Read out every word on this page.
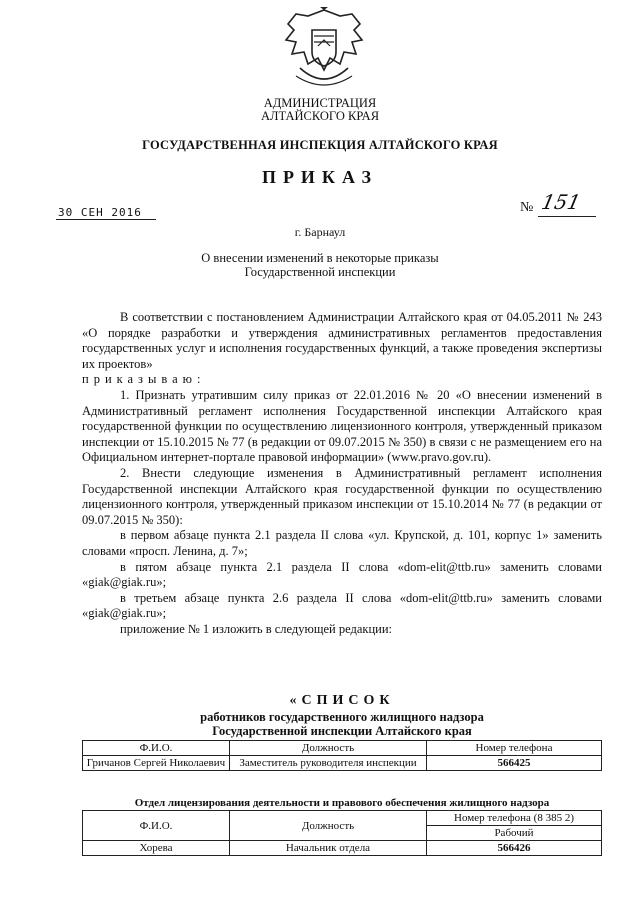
АДМИНИСТРАЦИЯ
АЛТАЙСКОГО КРАЯ
ГОСУДАРСТВЕННАЯ ИНСПЕКЦИЯ АЛТАЙСКОГО КРАЯ
ПРИКАЗ
30 СЕН 2016	№ 151
г. Барнаул
О внесении изменений в некоторые приказы
Государственной инспекции

В соответствии с постановлением Администрации Алтайского края от 04.05.2011 № 243 «О порядке разработки и утверждения административных регламентов предоставления государственных услуг и исполнения государственных функций, а также проведения экспертизы их проектов»

приказываю:

1. Признать утратившим силу приказ от 22.01.2016 № 20 «О внесении изменений в Административный регламент исполнения Государственной инспекции Алтайского края государственной функции по осуществлению лицензионного контроля, утвержденный приказом инспекции от 15.10.2015 № 77 (в редакции от 09.07.2015 № 350) в связи с не размещением его на Официальном интернет-портале правовой информации» (www.pravo.gov.ru).

2. Внести следующие изменения в Административный регламент исполнения Государственной инспекции Алтайского края государственной функции по осуществлению лицензионного контроля, утвержденный приказом инспекции от 15.10.2014 № 77 (в редакции от 09.07.2015 № 350):

в первом абзаце пункта 2.1 раздела II слова «ул. Крупской, д. 101, корпус 1» заменить словами «просп. Ленина, д. 7»;

в пятом абзаце пункта 2.1 раздела II слова «dom-elit@ttb.ru» заменить словами «giak@giak.ru»;

в третьем абзаце пункта 2.6 раздела II слова «dom-elit@ttb.ru» заменить словами «giak@giak.ru»;

приложение № 1 изложить в следующей редакции:

«СПИСОК
работников государственного жилищного надзора
Государственной инспекции Алтайского края
Ф.И.О.	Должность	Номер телефона
Гричанов Сергей Николаевич	Заместитель руководителя инспекции	566425
Отдел лицензирования деятельности и правового обеспечения жилищного надзора
Ф.И.О.	Должность	Номер телефона (8 385 2)
		Рабочий
Хорева	Начальник отдела	566426
